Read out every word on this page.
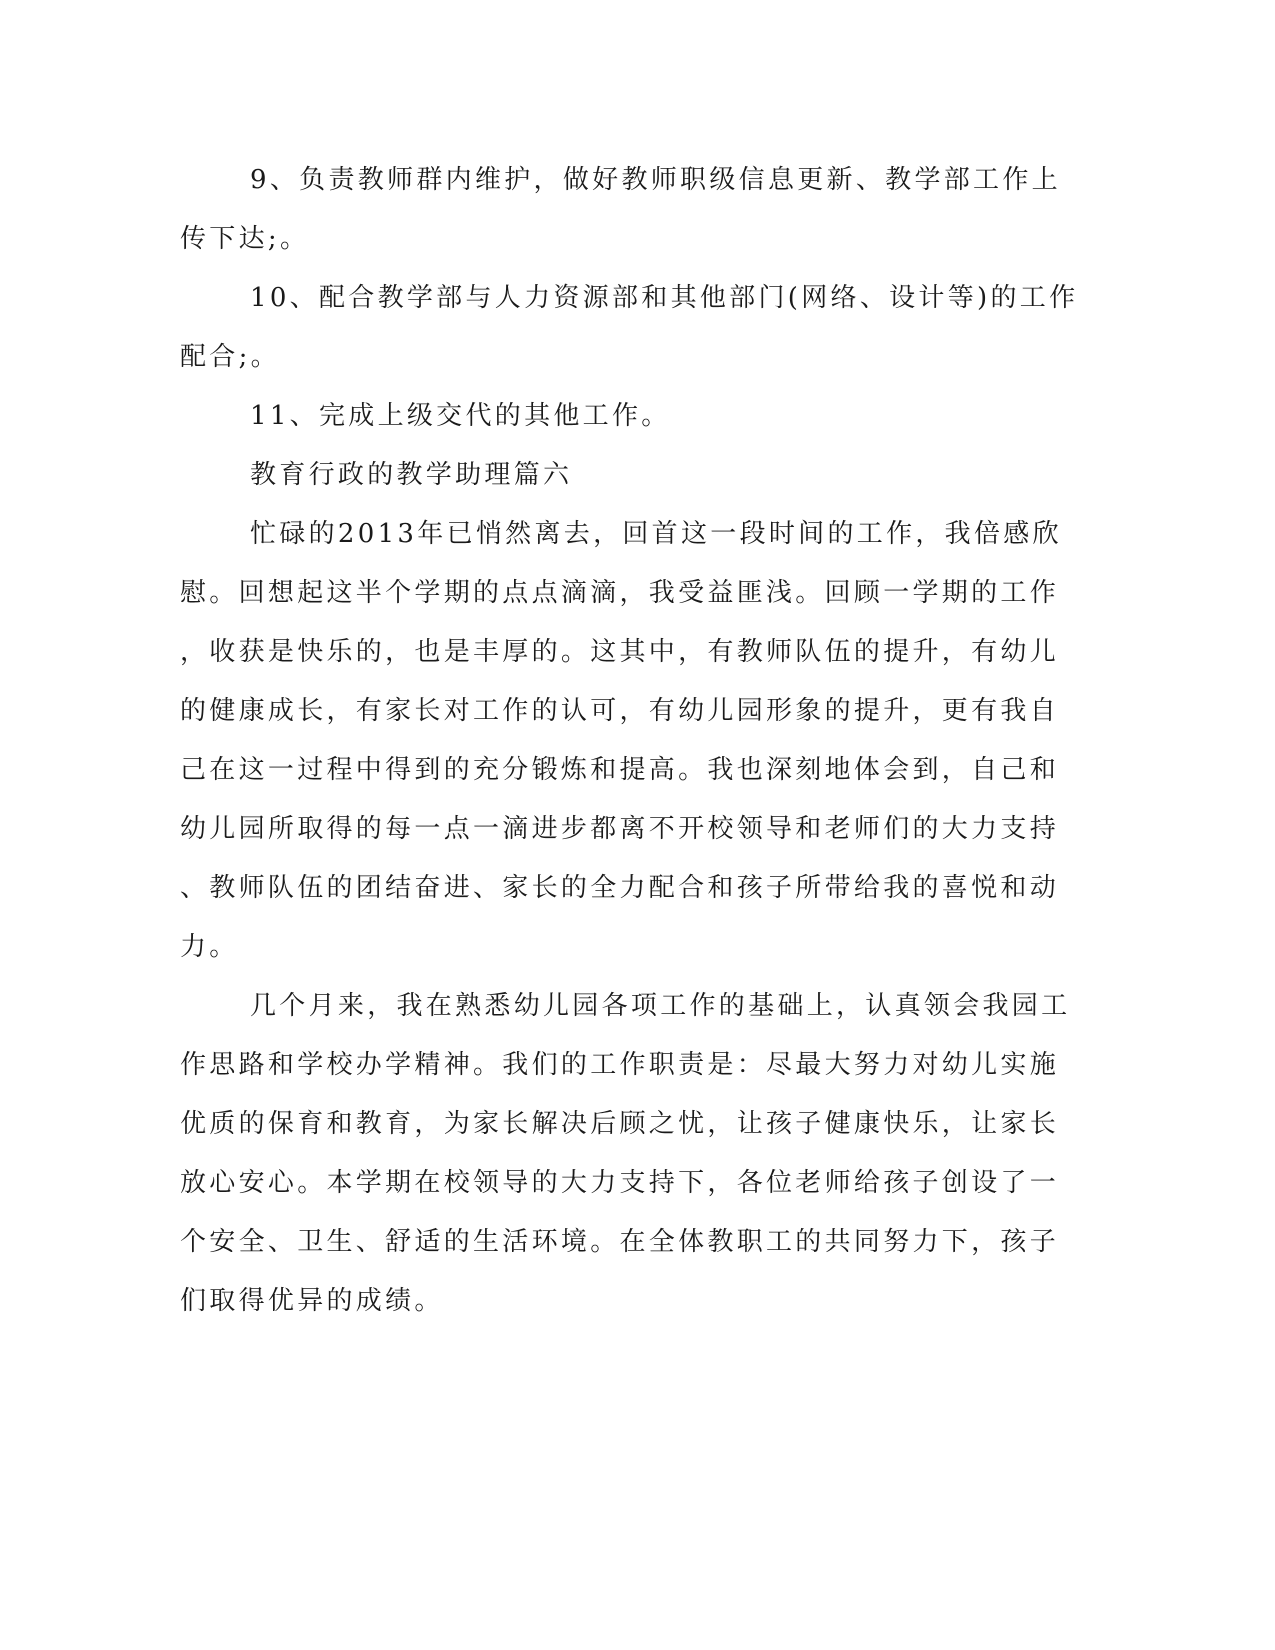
9、负责教师群内维护，做好教师职级信息更新、教学部工作上
传下达;。
10、配合教学部与人力资源部和其他部门(网络、设计等)的工作
配合;。
11、完成上级交代的其他工作。
教育行政的教学助理篇六
忙碌的2013年已悄然离去，回首这一段时间的工作，我倍感欣
慰。回想起这半个学期的点点滴滴，我受益匪浅。回顾一学期的工作
，收获是快乐的，也是丰厚的。这其中，有教师队伍的提升，有幼儿
的健康成长，有家长对工作的认可，有幼儿园形象的提升，更有我自
己在这一过程中得到的充分锻炼和提高。我也深刻地体会到，自己和
幼儿园所取得的每一点一滴进步都离不开校领导和老师们的大力支持
、教师队伍的团结奋进、家长的全力配合和孩子所带给我的喜悦和动
力。
几个月来，我在熟悉幼儿园各项工作的基础上，认真领会我园工
作思路和学校办学精神。我们的工作职责是：尽最大努力对幼儿实施
优质的保育和教育，为家长解决后顾之忧，让孩子健康快乐，让家长
放心安心。本学期在校领导的大力支持下，各位老师给孩子创设了一
个安全、卫生、舒适的生活环境。在全体教职工的共同努力下，孩子
们取得优异的成绩。
